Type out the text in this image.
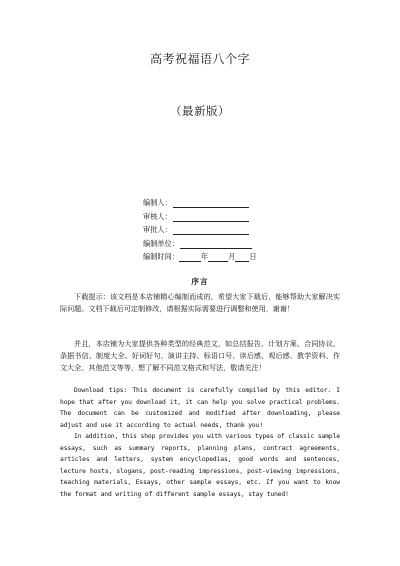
高考祝福语八个字
（最新版）
编制人：
审核人：
审批人：
编制单位：
编制时间：	年	月 日
序言

下载提示：该文档是本店铺精心编制而成的，希望大家下载后，能够帮助大家解决实际问题。文档下载后可定制修改，请根据实际需要进行调整和使用，谢谢！

并且，本店铺为大家提供各种类型的经典范文，如总结报告、计划方案、合同协议、条据书信、制度大全、好词好句、演讲主持、标语口号、读后感、观后感、教学资料、作文大全、其他范文等等，想了解不同范文格式和写法，敬请关注！

Download tips: This document is carefully compiled by this editor. I hope that after you download it, it can help you solve practical problems. The document can be customized and modified after downloading, please adjust and use it according to actual needs, thank you!

In addition, this shop provides you with various types of classic sample essays, such as summary reports, planning plans, contract agreements, articles and letters, system encyclopedias, good words and sentences, lecture hosts, slogans, post-reading impressions, post-viewing impressions, teaching materials, Essays, other sample essays, etc. If you want to know the format and writing of different sample essays, stay tuned!
